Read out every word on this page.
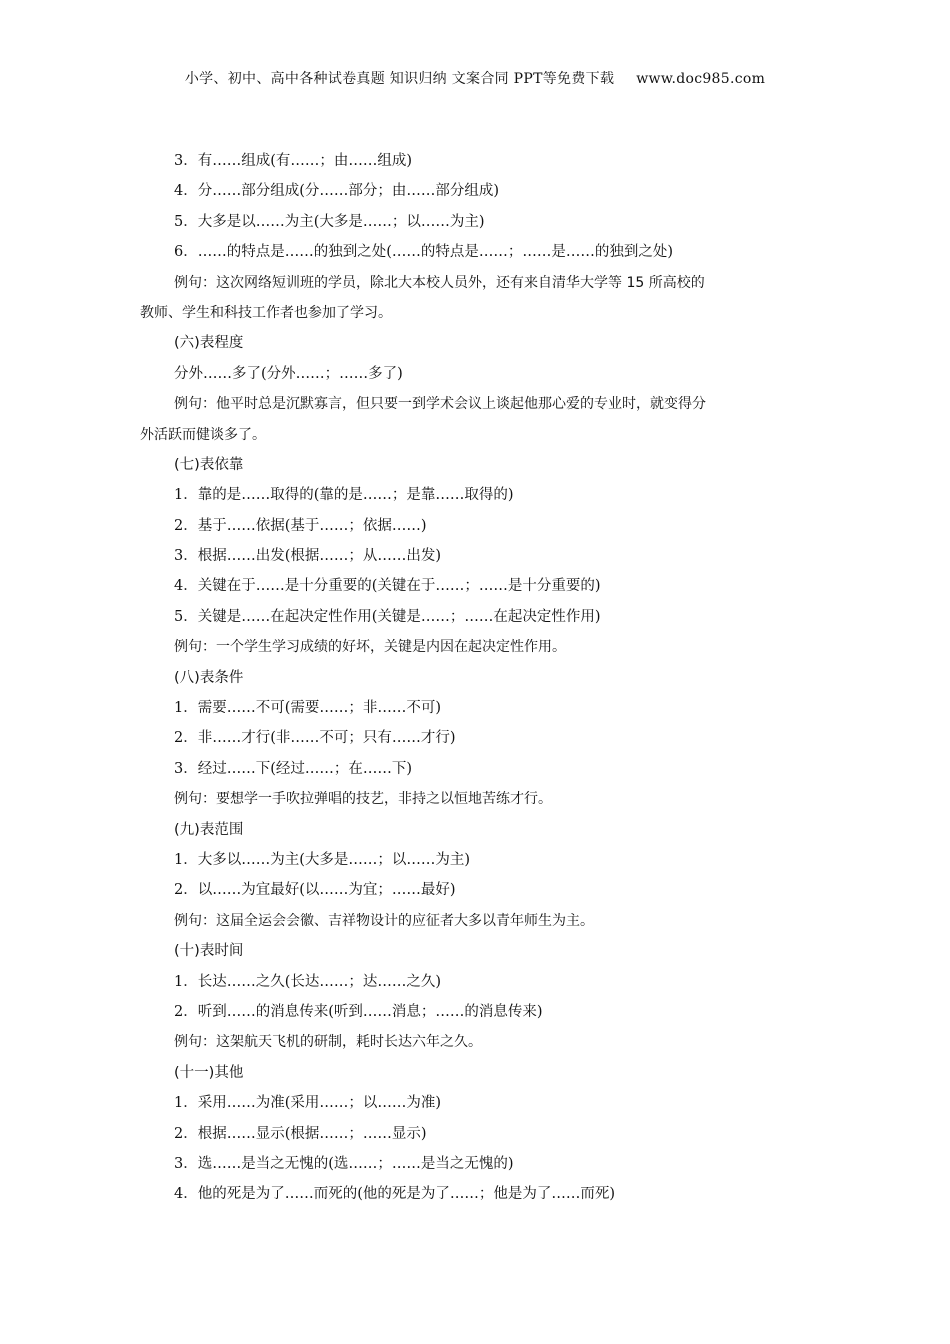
小学、初中、高中各种试卷真题 知识归纳 文案合同 PPT等免费下载 www.doc985.com
3．有……组成(有……；由……组成)
4．分……部分组成(分……部分；由……部分组成)
5．大多是以……为主(大多是……；以……为主)
6．……的特点是……的独到之处(……的特点是……；……是……的独到之处)
例句：这次网络短训班的学员，除北大本校人员外，还有来自清华大学等 15 所高校的
教师、学生和科技工作者也参加了学习。
(六)表程度
分外……多了(分外……；……多了)
例句：他平时总是沉默寡言，但只要一到学术会议上谈起他那心爱的专业时，就变得分
外活跃而健谈多了。
(七)表依靠
1．靠的是……取得的(靠的是……；是靠……取得的)
2．基于……依据(基于……；依据……)
3．根据……出发(根据……；从……出发)
4．关键在于……是十分重要的(关键在于……；……是十分重要的)
5．关键是……在起决定性作用(关键是……；……在起决定性作用)
例句：一个学生学习成绩的好坏，关键是内因在起决定性作用。
(八)表条件
1．需要……不可(需要……；非……不可)
2．非……才行(非……不可；只有……才行)
3．经过……下(经过……；在……下)
例句：要想学一手吹拉弹唱的技艺，非持之以恒地苦练才行。
(九)表范围
1．大多以……为主(大多是……；以……为主)
2．以……为宜最好(以……为宜；……最好)
例句：这届全运会会徽、吉祥物设计的应征者大多以青年师生为主。
(十)表时间
1．长达……之久(长达……；达……之久)
2．听到……的消息传来(听到……消息；……的消息传来)
例句：这架航天飞机的研制，耗时长达六年之久。
(十一)其他
1．采用……为准(采用……；以……为准)
2．根据……显示(根据……；……显示)
3．选……是当之无愧的(选……；……是当之无愧的)
4．他的死是为了……而死的(他的死是为了……；他是为了……而死)
